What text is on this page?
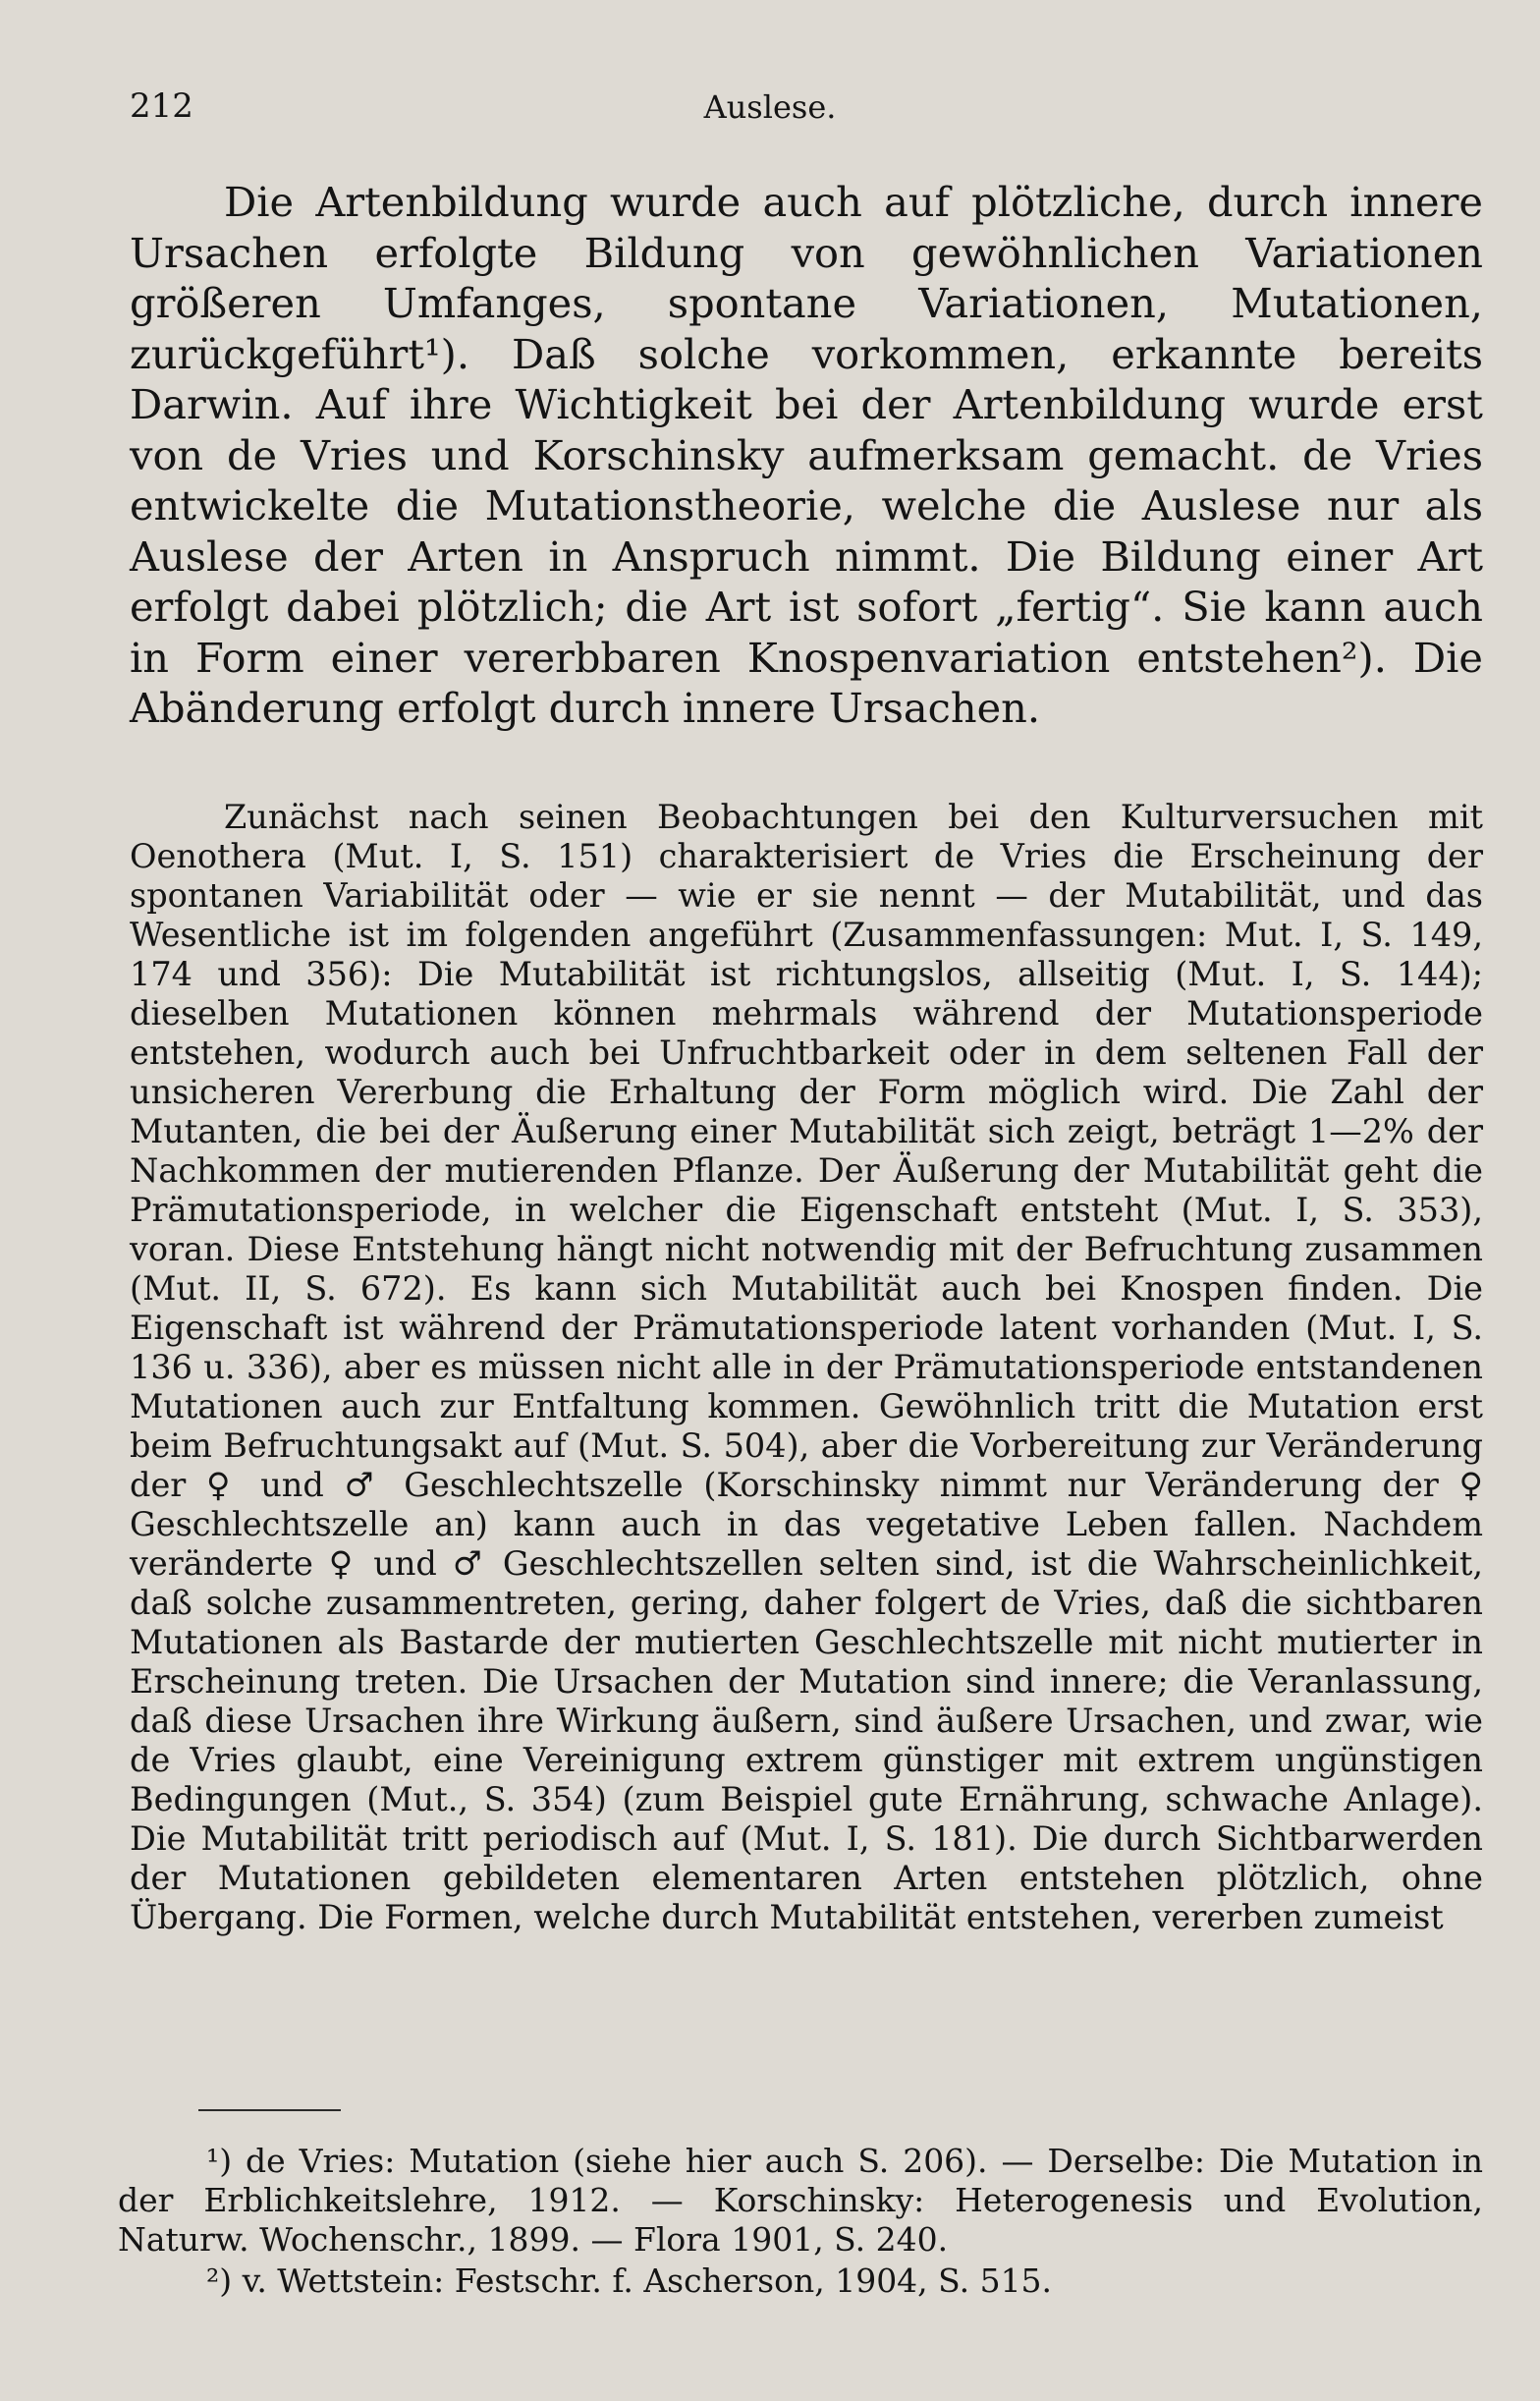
212	Auslese.

Die Artenbildung wurde auch auf plötzliche, durch innere Ursachen erfolgte Bildung von gewöhnlichen Variationen größeren Umfanges, spontane Variationen, Mutationen, zurückgeführt¹). Daß solche vorkommen, erkannte bereits Darwin. Auf ihre Wichtigkeit bei der Artenbildung wurde erst von de Vries und Korschinsky aufmerksam gemacht. de Vries entwickelte die Mutationstheorie, welche die Auslese nur als Auslese der Arten in Anspruch nimmt. Die Bildung einer Art erfolgt dabei plötzlich; die Art ist sofort „fertig“. Sie kann auch in Form einer vererbbaren Knospenvariation entstehen²). Die Abänderung erfolgt durch innere Ursachen.

Zunächst nach seinen Beobachtungen bei den Kulturversuchen mit Oenothera (Mut. I, S. 151) charakterisiert de Vries die Erscheinung der spontanen Variabilität oder — wie er sie nennt — der Mutabilität, und das Wesentliche ist im folgenden angeführt (Zusammenfassungen: Mut. I, S. 149, 174 und 356): Die Mutabilität ist richtungslos, allseitig (Mut. I, S. 144); dieselben Mutationen können mehrmals während der Mutationsperiode entstehen, wodurch auch bei Unfruchtbarkeit oder in dem seltenen Fall der unsicheren Vererbung die Erhaltung der Form möglich wird. Die Zahl der Mutanten, die bei der Äußerung einer Mutabilität sich zeigt, beträgt 1—2% der Nachkommen der mutierenden Pflanze. Der Äußerung der Mutabilität geht die Prämutationsperiode, in welcher die Eigenschaft entsteht (Mut. I, S. 353), voran. Diese Entstehung hängt nicht notwendig mit der Befruchtung zusammen (Mut. II, S. 672). Es kann sich Mutabilität auch bei Knospen finden. Die Eigenschaft ist während der Prämutationsperiode latent vorhanden (Mut. I, S. 136 u. 336), aber es müssen nicht alle in der Prämutationsperiode entstandenen Mutationen auch zur Entfaltung kommen. Gewöhnlich tritt die Mutation erst beim Befruchtungsakt auf (Mut. S. 504), aber die Vorbereitung zur Veränderung der ♀ und ♂ Geschlechtszelle (Korschinsky nimmt nur Veränderung der ♀ Geschlechtszelle an) kann auch in das vegetative Leben fallen. Nachdem veränderte ♀ und ♂ Geschlechtszellen selten sind, ist die Wahrscheinlichkeit, daß solche zusammentreten, gering, daher folgert de Vries, daß die sichtbaren Mutationen als Bastarde der mutierten Geschlechtszelle mit nicht mutierter in Erscheinung treten. Die Ursachen der Mutation sind innere; die Veranlassung, daß diese Ursachen ihre Wirkung äußern, sind äußere Ursachen, und zwar, wie de Vries glaubt, eine Vereinigung extrem günstiger mit extrem ungünstigen Bedingungen (Mut., S. 354) (zum Beispiel gute Ernährung, schwache Anlage). Die Mutabilität tritt periodisch auf (Mut. I, S. 181). Die durch Sichtbarwerden der Mutationen gebildeten elementaren Arten entstehen plötzlich, ohne Übergang. Die Formen, welche durch Mutabilität entstehen, vererben zumeist

¹) de Vries: Mutation (siehe hier auch S. 206). — Derselbe: Die Mutation in der Erblichkeitslehre, 1912. — Korschinsky: Heterogenesis und Evolution, Naturw. Wochenschr., 1899. — Flora 1901, S. 240.

²) v. Wettstein: Festschr. f. Ascherson, 1904, S. 515.
